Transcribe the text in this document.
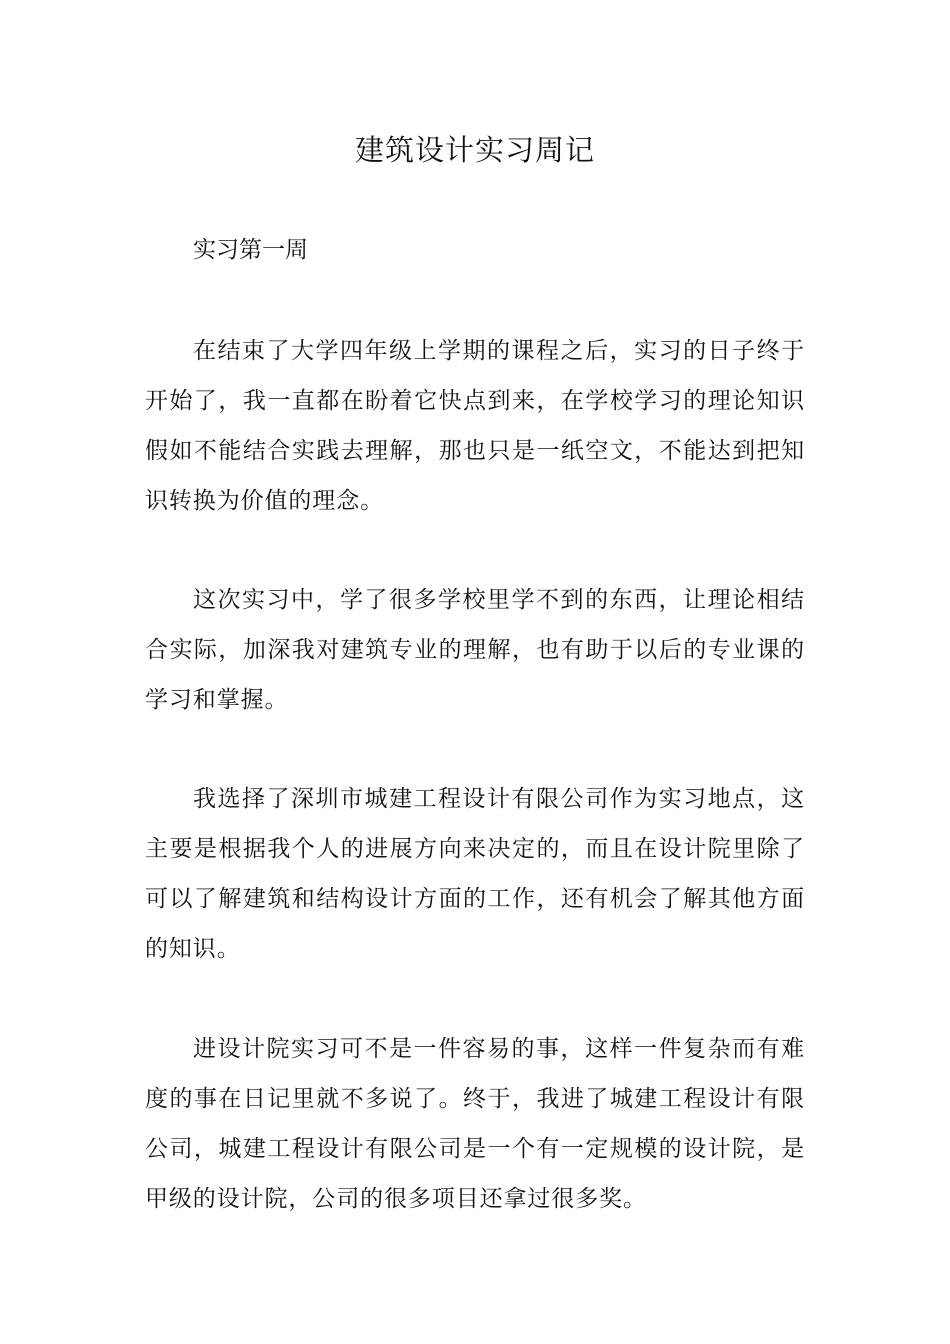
建筑设计实习周记

实习第一周

在结束了大学四年级上学期的课程之后，实习的日子终于开始了，我一直都在盼着它快点到来，在学校学习的理论知识假如不能结合实践去理解，那也只是一纸空文，不能达到把知识转换为价值的理念。

这次实习中，学了很多学校里学不到的东西，让理论相结合实际，加深我对建筑专业的理解，也有助于以后的专业课的学习和掌握。

我选择了深圳市城建工程设计有限公司作为实习地点，这主要是根据我个人的进展方向来决定的，而且在设计院里除了可以了解建筑和结构设计方面的工作，还有机会了解其他方面的知识。

进设计院实习可不是一件容易的事，这样一件复杂而有难度的事在日记里就不多说了。终于，我进了城建工程设计有限公司，城建工程设计有限公司是一个有一定规模的设计院，是甲级的设计院，公司的很多项目还拿过很多奖。
